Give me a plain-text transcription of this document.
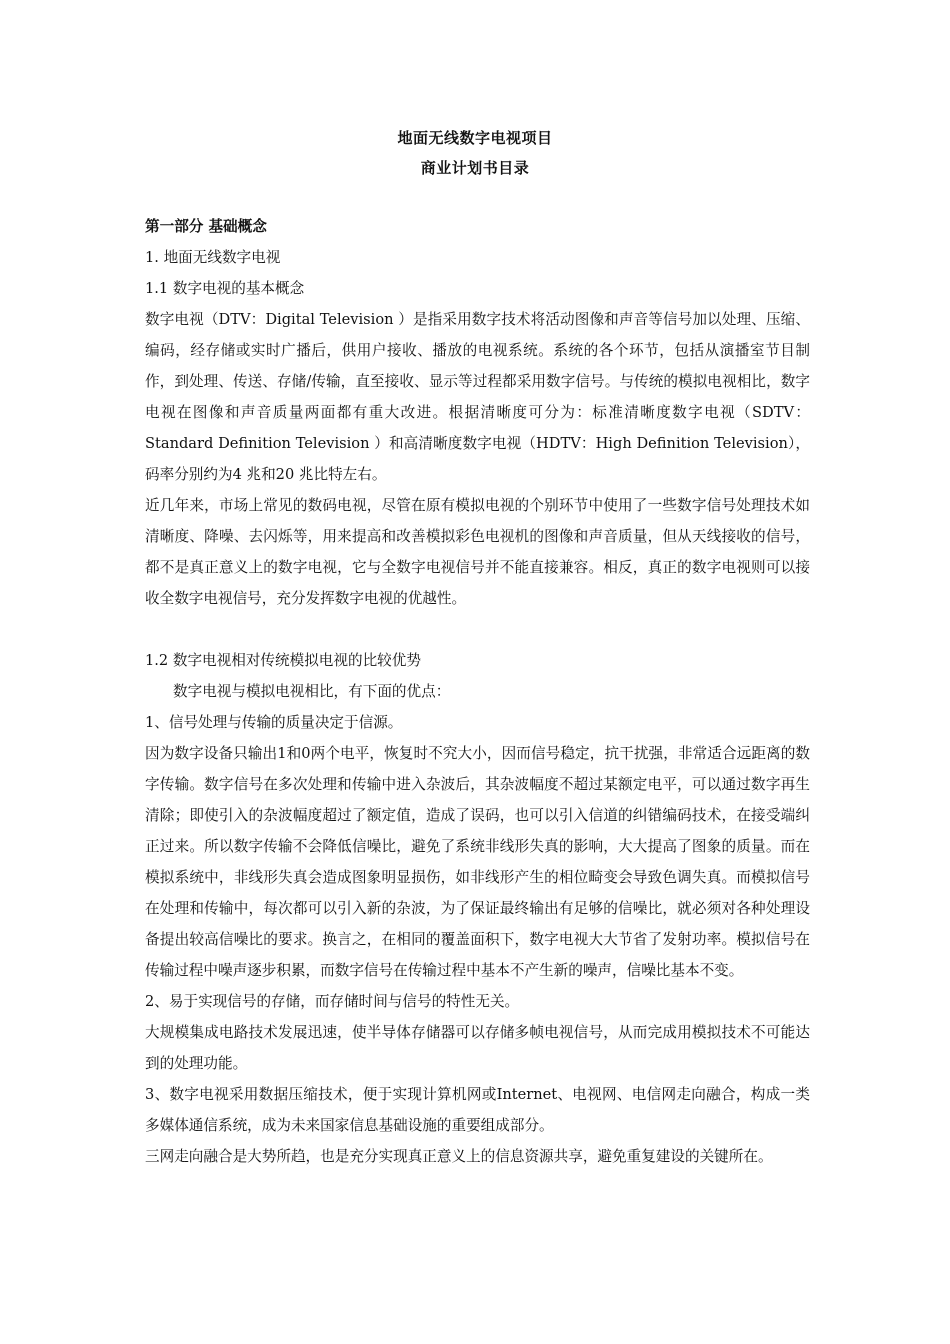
地面无线数字电视项目
商业计划书目录

第一部分 基础概念

1. 地面无线数字电视

1.1 数字电视的基本概念

数字电视（DTV：Digital Television ）是指采用数字技术将活动图像和声音等信号加以处理、压缩、编码，经存储或实时广播后，供用户接收、播放的电视系统。系统的各个环节，包括从演播室节目制作，到处理、传送、存储/传输，直至接收、显示等过程都采用数字信号。与传统的模拟电视相比，数字电视在图像和声音质量两面都有重大改进。根据清晰度可分为：标准清晰度数字电视（SDTV：Standard Definition Television ）和高清晰度数字电视（HDTV：High Definition Television），码率分别约为4 兆和20 兆比特左右。

近几年来，市场上常见的数码电视，尽管在原有模拟电视的个别环节中使用了一些数字信号处理技术如清晰度、降噪、去闪烁等，用来提高和改善模拟彩色电视机的图像和声音质量，但从天线接收的信号，都不是真正意义上的数字电视，它与全数字电视信号并不能直接兼容。相反，真正的数字电视则可以接收全数字电视信号，充分发挥数字电视的优越性。

1.2 数字电视相对传统模拟电视的比较优势

数字电视与模拟电视相比，有下面的优点：

1、信号处理与传输的质量决定于信源。

因为数字设备只输出1和0两个电平，恢复时不究大小，因而信号稳定，抗干扰强，非常适合远距离的数字传输。数字信号在多次处理和传输中进入杂波后，其杂波幅度不超过某额定电平，可以通过数字再生清除；即使引入的杂波幅度超过了额定值，造成了误码，也可以引入信道的纠错编码技术，在接受端纠正过来。所以数字传输不会降低信噪比，避免了系统非线形失真的影响，大大提高了图象的质量。而在模拟系统中，非线形失真会造成图象明显损伤，如非线形产生的相位畸变会导致色调失真。而模拟信号在处理和传输中，每次都可以引入新的杂波，为了保证最终输出有足够的信噪比，就必须对各种处理设备提出较高信噪比的要求。换言之，在相同的覆盖面积下，数字电视大大节省了发射功率。模拟信号在传输过程中噪声逐步积累，而数字信号在传输过程中基本不产生新的噪声，信噪比基本不变。

2、易于实现信号的存储，而存储时间与信号的特性无关。

大规模集成电路技术发展迅速，使半导体存储器可以存储多帧电视信号，从而完成用模拟技术不可能达到的处理功能。

3、数字电视采用数据压缩技术，便于实现计算机网或Internet、电视网、电信网走向融合，构成一类多媒体通信系统，成为未来国家信息基础设施的重要组成部分。

三网走向融合是大势所趋，也是充分实现真正意义上的信息资源共享，避免重复建设的关键所在。
